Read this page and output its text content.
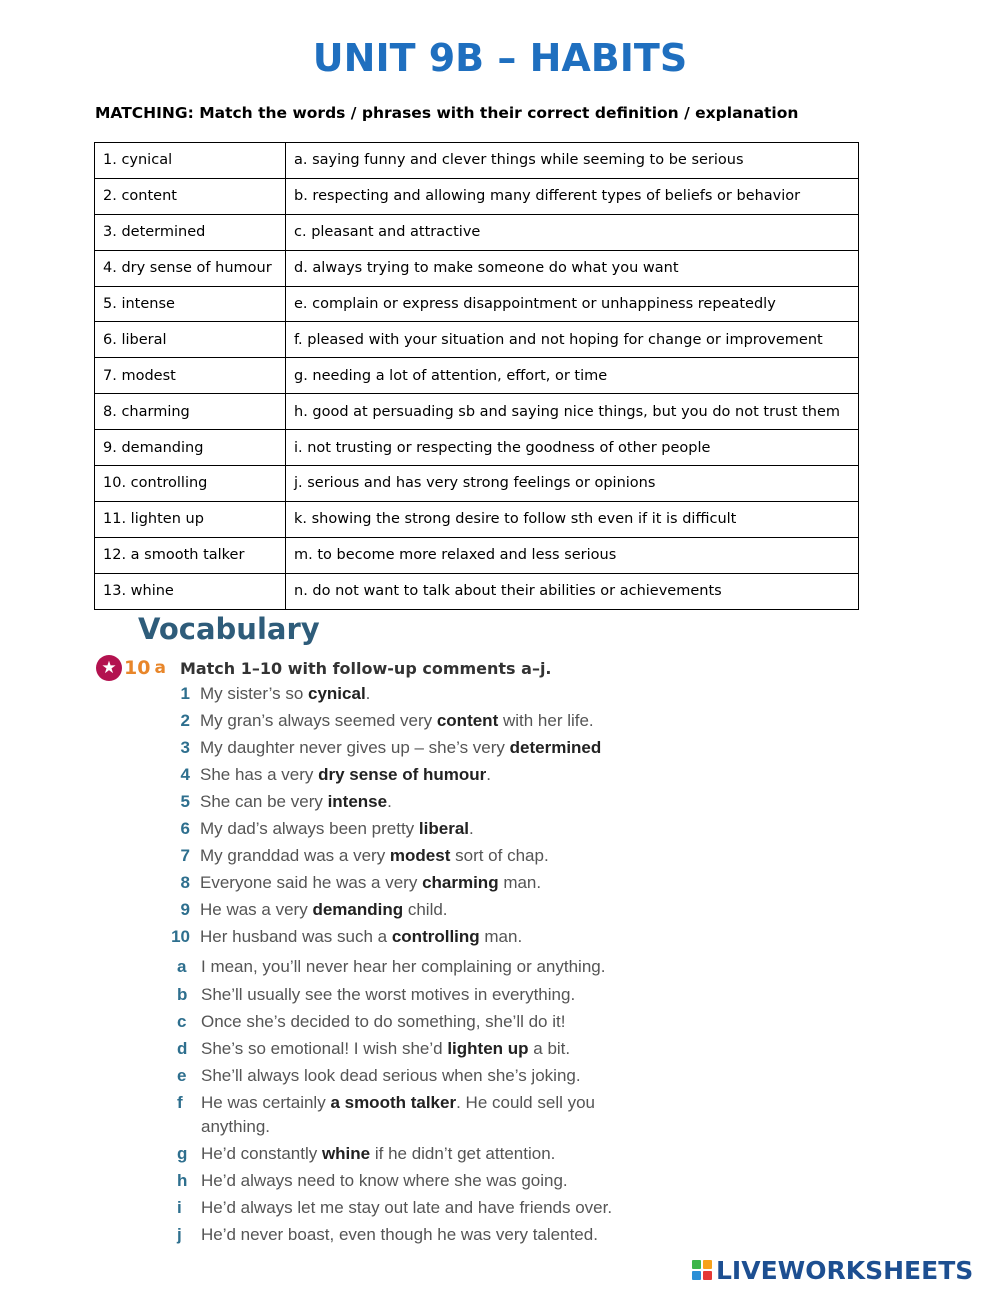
UNIT 9B – HABITS
MATCHING: Match the words / phrases with their correct definition / explanation
1. cynical	a. saying funny and clever things while seeming to be serious
2. content	b. respecting and allowing many different types of beliefs or behavior
3. determined	c. pleasant and attractive
4. dry sense of humour	d. always trying to make someone do what you want
5. intense	e. complain or express disappointment or unhappiness repeatedly
6. liberal	f. pleased with your situation and not hoping for change or improvement
7. modest	g. needing a lot of attention, effort, or time
8. charming	h. good at persuading sb and saying nice things, but you do not trust them
9. demanding	i. not trusting or respecting the goodness of other people
10. controlling	j. serious and has very strong feelings or opinions
11. lighten up	k. showing the strong desire to follow sth even if it is difficult
12. a smooth talker	m. to become more relaxed and less serious
13. whine	n. do not want to talk about their abilities or achievements
Vocabulary
★ 10 a Match 1–10 with follow-up comments a–j.
1 My sister’s so cynical.
2 My gran’s always seemed very content with her life.
3 My daughter never gives up – she’s very determined
4 She has a very dry sense of humour.
5 She can be very intense.
6 My dad’s always been pretty liberal.
7 My granddad was a very modest sort of chap.
8 Everyone said he was a very charming man.
9 He was a very demanding child.
10 Her husband was such a controlling man.
a I mean, you’ll never hear her complaining or anything.
b She’ll usually see the worst motives in everything.
c Once she’s decided to do something, she’ll do it!
d She’s so emotional! I wish she’d lighten up a bit.
e She’ll always look dead serious when she’s joking.
f	He was certainly a smooth talker. He could sell you
anything.
g He’d constantly whine if he didn’t get attention.
h He’d always need to know where she was going.
i	He’d always let me stay out late and have friends over.
j	He’d never boast, even though he was very talented.
LIVEWORKSHEETS
